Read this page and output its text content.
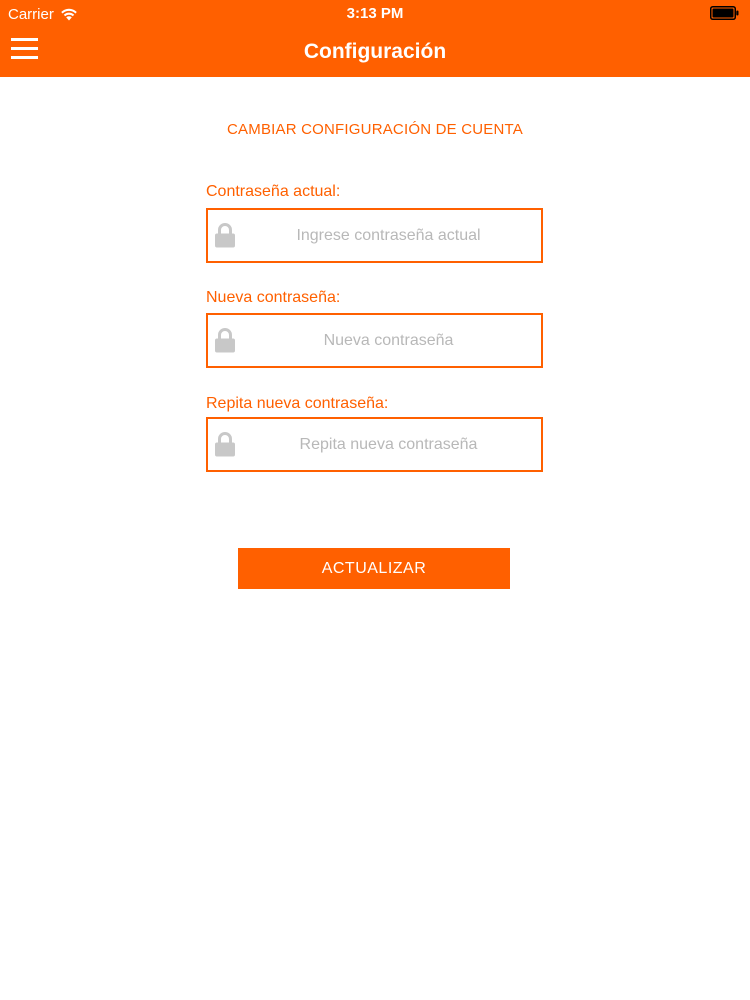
Carrier	3:13 PM
Configuración
CAMBIAR CONFIGURACIÓN DE CUENTA
Contraseña actual:
Nueva contraseña:
Repita nueva contraseña:
ACTUALIZAR
